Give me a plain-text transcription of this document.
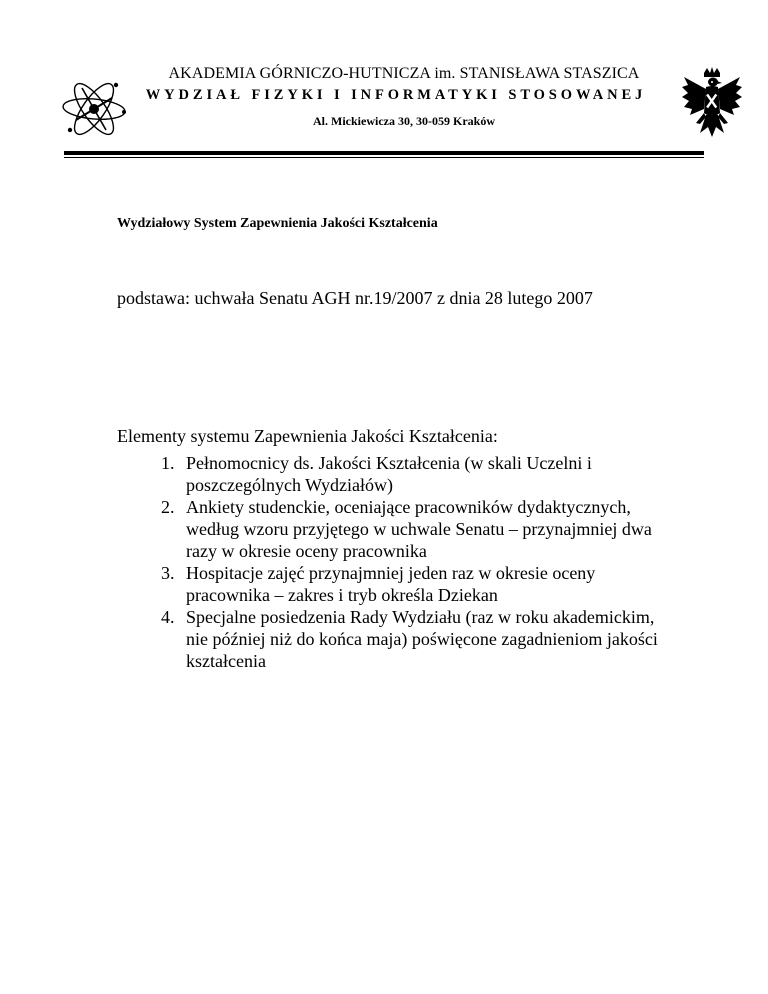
AKADEMIA GÓRNICZO-HUTNICZA im. STANISŁAWA STASZICA
WYDZIAŁ FIZYKI I INFORMATYKI STOSOWANEJ
Al. Mickiewicza 30, 30-059 Kraków
Wydziałowy System Zapewnienia Jakości Kształcenia
podstawa: uchwała Senatu AGH nr.19/2007 z dnia 28 lutego 2007
Elementy systemu Zapewnienia Jakości Kształcenia:
1. Pełnomocnicy ds. Jakości Kształcenia (w skali Uczelni i
poszczególnych Wydziałów)
2. Ankiety studenckie, oceniające pracowników dydaktycznych,
według wzoru przyjętego w uchwale Senatu – przynajmniej dwa
razy w okresie oceny pracownika
3. Hospitacje zajęć przynajmniej jeden raz w okresie oceny
pracownika – zakres i tryb określa Dziekan
4. Specjalne posiedzenia Rady Wydziału (raz w roku akademickim,
nie później niż do końca maja) poświęcone zagadnieniom jakości
kształcenia
